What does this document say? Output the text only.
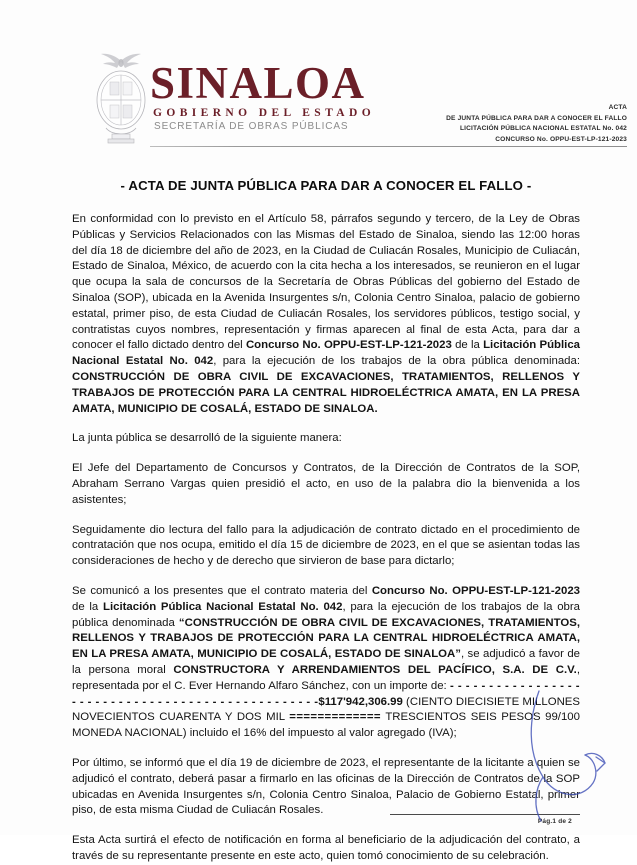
SINALOA
GOBIERNO DEL ESTADO
SECRETARÍA DE OBRAS PÚBLICAS
ACTA
DE JUNTA PÚBLICA PARA DAR A CONOCER EL FALLO
LICITACIÓN PÚBLICA NACIONAL ESTATAL No. 042
CONCURSO No. OPPU-EST-LP-121-2023
- ACTA DE JUNTA PÚBLICA PARA DAR A CONOCER EL FALLO -

En conformidad con lo previsto en el Artículo 58, párrafos segundo y tercero, de la Ley de Obras Públicas y Servicios Relacionados con las Mismas del Estado de Sinaloa, siendo las 12:00 horas del día 18 de diciembre del año de 2023, en la Ciudad de Culiacán Rosales, Municipio de Culiacán, Estado de Sinaloa, México, de acuerdo con la cita hecha a los interesados, se reunieron en el lugar que ocupa la sala de concursos de la Secretaría de Obras Públicas del gobierno del Estado de Sinaloa (SOP), ubicada en la Avenida Insurgentes s/n, Colonia Centro Sinaloa, palacio de gobierno estatal, primer piso, de esta Ciudad de Culiacán Rosales, los servidores públicos, testigo social, y contratistas cuyos nombres, representación y firmas aparecen al final de esta Acta, para dar a conocer el fallo dictado dentro del Concurso No. OPPU-EST-LP-121-2023 de la Licitación Pública Nacional Estatal No. 042, para la ejecución de los trabajos de la obra pública denominada: CONSTRUCCIÓN DE OBRA CIVIL DE EXCAVACIONES, TRATAMIENTOS, RELLENOS Y TRABAJOS DE PROTECCIÓN PARA LA CENTRAL HIDROELÉCTRICA AMATA, EN LA PRESA AMATA, MUNICIPIO DE COSALÁ, ESTADO DE SINALOA.

La junta pública se desarrolló de la siguiente manera:

El Jefe del Departamento de Concursos y Contratos, de la Dirección de Contratos de la SOP, Abraham Serrano Vargas quien presidió el acto, en uso de la palabra dio la bienvenida a los asistentes;

Seguidamente dio lectura del fallo para la adjudicación de contrato dictado en el procedimiento de contratación que nos ocupa, emitido el día 15 de diciembre de 2023, en el que se asientan todas las consideraciones de hecho y de derecho que sirvieron de base para dictarlo;

Se comunicó a los presentes que el contrato materia del Concurso No. OPPU-EST-LP-121-2023 de la Licitación Pública Nacional Estatal No. 042, para la ejecución de los trabajos de la obra pública denominada “CONSTRUCCIÓN DE OBRA CIVIL DE EXCAVACIONES, TRATAMIENTOS, RELLENOS Y TRABAJOS DE PROTECCIÓN PARA LA CENTRAL HIDROELÉCTRICA AMATA, EN LA PRESA AMATA, MUNICIPIO DE COSALÁ, ESTADO DE SINALOA”, se adjudicó a favor de la persona moral CONSTRUCTORA Y ARRENDAMIENTOS DEL PACÍFICO, S.A. DE C.V., representada por el C. Ever Hernando Alfaro Sánchez, con un importe de: - - - - - - - - - - - - - - - - - - - - - - - - - - - - - - - - - - - - - - - - - - - - - - - - -$117'942,306.99 (CIENTO DIECISIETE MILLONES NOVECIENTOS CUARENTA Y DOS MIL ============= TRESCIENTOS SEIS PESOS 99/100 MONEDA NACIONAL) incluido el 16% del impuesto al valor agregado (IVA);

Por último, se informó que el día 19 de diciembre de 2023, el representante de la licitante a quien se adjudicó el contrato, deberá pasar a firmarlo en las oficinas de la Dirección de Contratos de la SOP ubicadas en Avenida Insurgentes s/n, Colonia Centro Sinaloa, Palacio de Gobierno Estatal, primer piso, de esta misma Ciudad de Culiacán Rosales.

Esta Acta surtirá el efecto de notificación en forma al beneficiario de la adjudicación del contrato, a través de su representante presente en este acto, quien tomó conocimiento de su celebración.

Pág.1 de 2
